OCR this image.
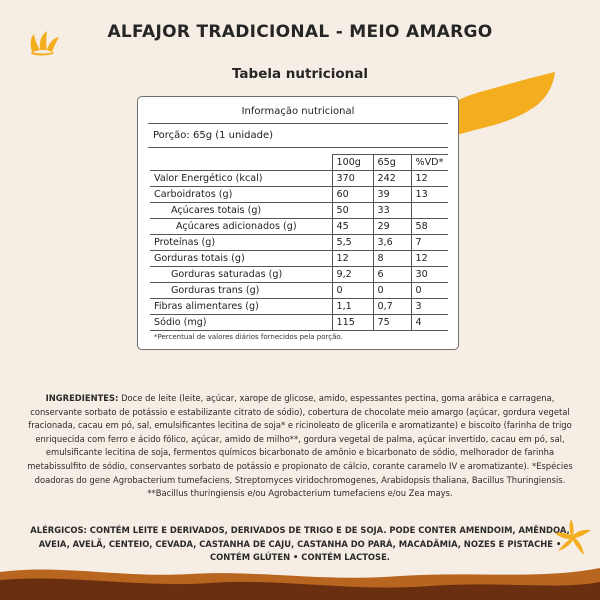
ALFAJOR TRADICIONAL - MEIO AMARGO
Tabela nutricional
Informação nutricional
Porção: 65g (1 unidade)
	100g	65g	%VD*
Valor Energético (kcal)	370	242	12
Carboidratos (g)	60	39	13
Açúcares totais (g)	50	33	
Açúcares adicionados (g)	45	29	58
Proteínas (g)	5,5	3,6	7
Gorduras totais (g)	12	8	12
Gorduras saturadas (g)	9,2	6	30
Gorduras trans (g)	0	0	0
Fibras alimentares (g)	1,1	0,7	3
Sódio (mg)	115	75	4
*Percentual de valores diários fornecidos pela porção.
INGREDIENTES: Doce de leite (leite, açúcar, xarope de glicose, amido, espessantes pectina, goma arábica e carragena, conservante sorbato de potássio e estabilizante citrato de sódio), cobertura de chocolate meio amargo (açúcar, gordura vegetal fracionada, cacau em pó, sal, emulsificantes lecitina de soja* e ricinoleato de glicerila e aromatizante) e biscoito (farinha de trigo enriquecida com ferro e ácido fólico, açúcar, amido de milho**, gordura vegetal de palma, açúcar invertido, cacau em pó, sal, emulsificante lecitina de soja, fermentos químicos bicarbonato de amônio e bicarbonato de sódio, melhorador de farinha metabissulfito de sódio, conservantes sorbato de potássio e propionato de cálcio, corante caramelo IV e aromatizante). *Espécies doadoras do gene Agrobacterium tumefaciens, Streptomyces viridochromogenes, Arabidopsis thaliana, Bacillus Thuringiensis. **Bacillus thuringiensis e/ou Agrobacterium tumefaciens e/ou Zea mays.
ALÉRGICOS: CONTÉM LEITE E DERIVADOS, DERIVADOS DE TRIGO E DE SOJA. PODE CONTER AMENDOIM, AMÊNDOA, AVEIA, AVELÃ, CENTEIO, CEVADA, CASTANHA DE CAJU, CASTANHA DO PARÁ, MACADÂMIA, NOZES E PISTACHE • CONTÉM GLÚTEN • CONTÉM LACTOSE.
